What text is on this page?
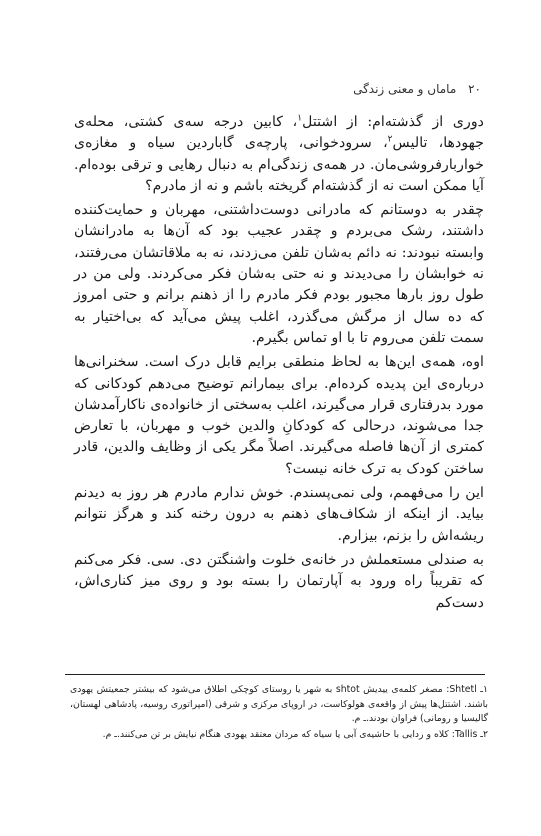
۲۰ ماماں و معنی زندگی

دوری از گذشته‌ام: از اشتتل$^۱$، کابین درجه سه‌ی کشتی، محله‌ی جهودها، تالیس$^۲$، سرودخوانی، پارچه‌ی گاباردین سیاه و مغازه‌ی خواربارفروشی‌مان. در همه‌ی زندگی‌ام به دنبال رهایی و ترقی بوده‌ام. آیا ممکن است نه از گذشته‌ام گریخته باشم و نه از مادرم؟

چقدر به دوستانم که مادرانی دوست‌داشتنی، مهربان و حمایت‌کننده داشتند، رشک می‌بردم و چقدر عجیب بود که آن‌ها به مادرانشان وابسته نبودند: نه دائم به‌شان تلفن می‌زدند، نه به ملاقاتشان می‌رفتند، نه خوابشان را می‌دیدند و نه حتی به‌شان فکر می‌کردند. ولی من در طول روز بارها مجبور بودم فکر مادرم را از ذهنم برانم و حتی امروز که ده سال از مرگش می‌گذرد، اغلب پیش می‌آید که بی‌اختیار به سمت تلفن می‌روم تا با او تماس بگیرم.

اوه، همه‌ی این‌ها به لحاظ منطقی برایم قابل درک است. سخنرانی‌ها درباره‌ی این پدیده کرده‌ام. برای بیمارانم توضیح می‌دهم کودکانی که مورد بدرفتاری قرار می‌گیرند، اغلب به‌سختی از خانواده‌ی ناکارآمدشان جدا می‌شوند، درحالی که کودکانِ والدین خوب و مهربان، با تعارض کمتری از آن‌ها فاصله می‌گیرند. اصلاً مگر یکی از وظایف والدین، قادر ساختن کودک به ترک خانه نیست؟

این را می‌فهمم، ولی نمی‌پسندم. خوش ندارم مادرم هر روز به دیدنم بیاید. از اینکه از شکاف‌های ذهنم به درون رخنه کند و هرگز نتوانم ریشه‌اش را بزنم، بیزارم.

به صندلی مستعملش در خانه‌ی خلوت واشنگتن دی. سی. فکر می‌کنم که تقریباً راه ورود به آپارتمان را بسته بود و روی میز کناری‌اش، دست‌کم

۱ـ Shtetl: مصغر کلمه‌ی ییدیش shtot به شهر یا روستای کوچکی اطلاق می‌شود که بیشتر جمعیتش یهودی باشند. اشتتل‌ها پیش از واقعه‌ی هولوکاست، در اروپای مرکزی و شرقی (امپراتوری روسیه، پادشاهی لهستان، گالیسیا و رومانی) فراوان بودند.ـ م.

۲ـ Tallis: کلاه و ردایی با حاشیه‌ی آبی یا سیاه که مردان معتقد یهودی هنگام نیایش بر تن می‌کنند.ـ م.
